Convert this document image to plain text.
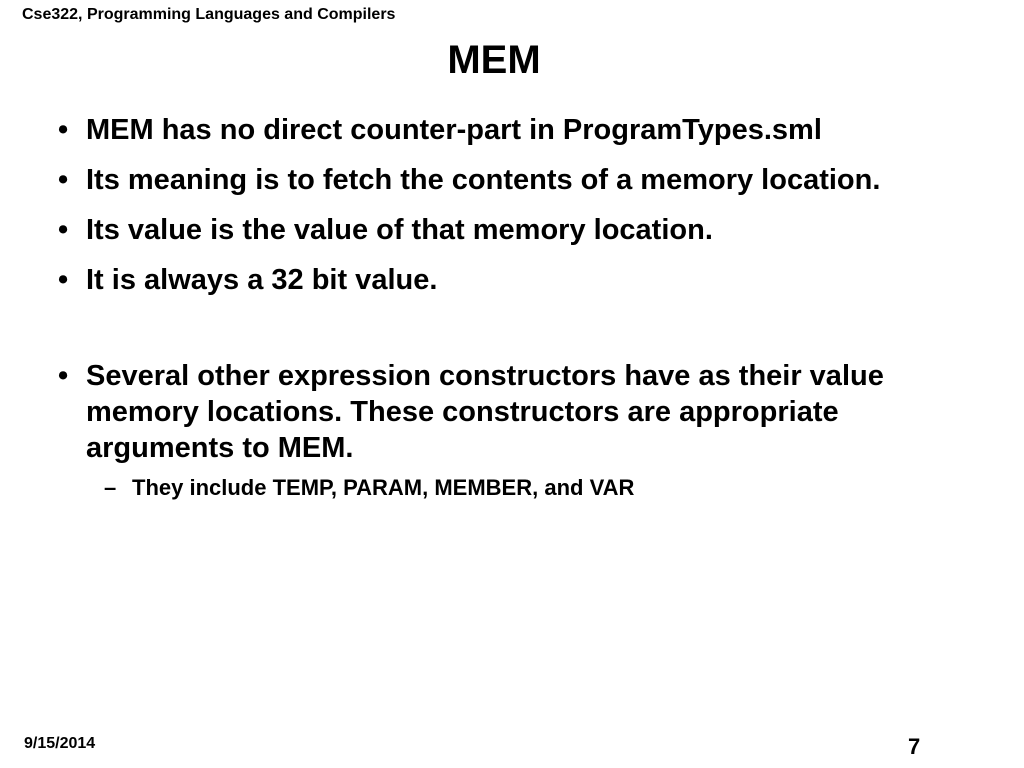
Cse322, Programming Languages and Compilers
MEM
• MEM has no direct counter-part in ProgramTypes.sml
• Its meaning is to fetch the contents of a memory location.
• Its value is the value of that memory location.
• It is always a 32 bit value.
• Several other expression constructors have as their value memory locations. These constructors are appropriate arguments to MEM.
– They include TEMP, PARAM, MEMBER, and VAR
9/15/2014	7
